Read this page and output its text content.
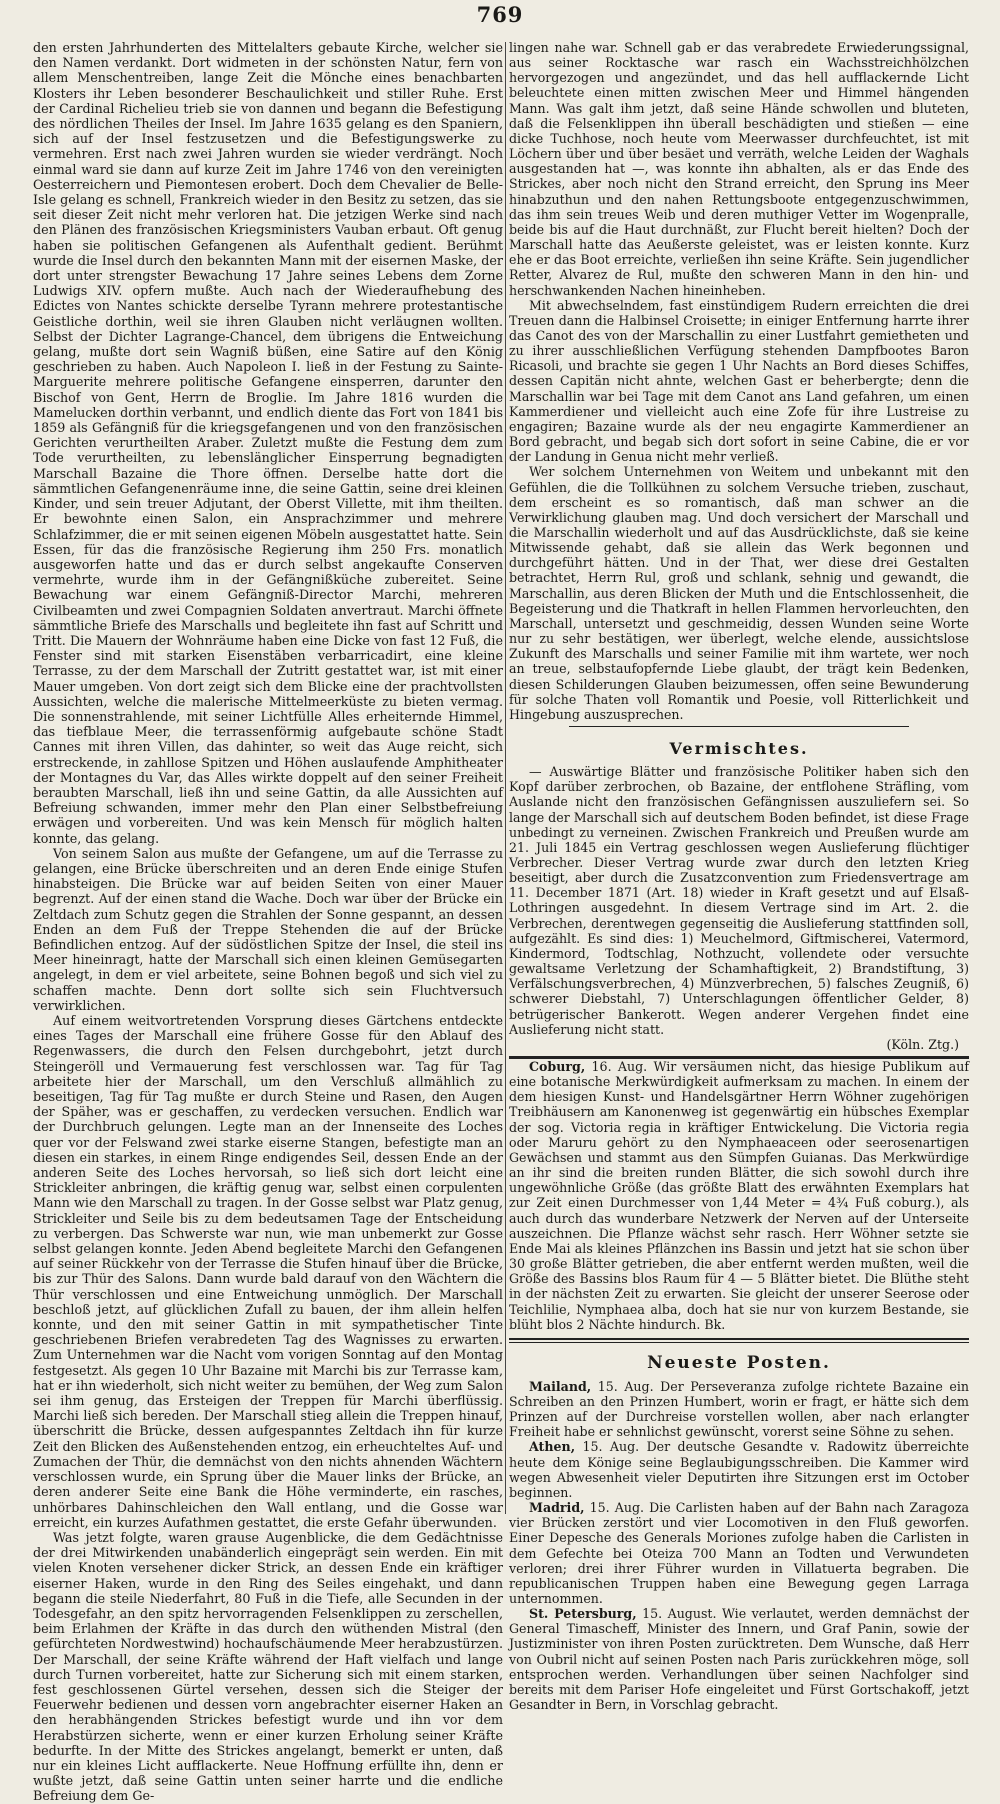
769

den ersten Jahrhunderten des Mittelalters gebaute Kirche, welcher sie den Namen verdankt. Dort widmeten in der schönsten Natur, fern von allem Menschentreiben, lange Zeit die Mönche eines benachbarten Klosters ihr Leben besonderer Beschaulichkeit und stiller Ruhe. Erst der Cardinal Richelieu trieb sie von dannen und begann die Befestigung des nördlichen Theiles der Insel. Im Jahre 1635 gelang es den Spaniern, sich auf der Insel festzusetzen und die Befestigungswerke zu vermehren. Erst nach zwei Jahren wurden sie wieder verdrängt. Noch einmal ward sie dann auf kurze Zeit im Jahre 1746 von den vereinigten Oesterreichern und Piemontesen erobert. Doch dem Chevalier de Belle-Isle gelang es schnell, Frankreich wieder in den Besitz zu setzen, das sie seit dieser Zeit nicht mehr verloren hat. Die jetzigen Werke sind nach den Plänen des französischen Kriegsministers Vauban erbaut. Oft genug haben sie politischen Gefangenen als Aufenthalt gedient. Berühmt wurde die Insel durch den bekannten Mann mit der eisernen Maske, der dort unter strengster Bewachung 17 Jahre seines Lebens dem Zorne Ludwigs XIV. opfern mußte. Auch nach der Wiederaufhebung des Edictes von Nantes schickte derselbe Tyrann mehrere protestantische Geistliche dorthin, weil sie ihren Glauben nicht verläugnen wollten. Selbst der Dichter Lagrange-Chancel, dem übrigens die Entweichung gelang, mußte dort sein Wagniß büßen, eine Satire auf den König geschrieben zu haben. Auch Napoleon I. ließ in der Festung zu Sainte-Marguerite mehrere politische Gefangene einsperren, darunter den Bischof von Gent, Herrn de Broglie. Im Jahre 1816 wurden die Mamelucken dorthin verbannt, und endlich diente das Fort von 1841 bis 1859 als Gefängniß für die kriegsgefangenen und von den französischen Gerichten verurtheilten Araber. Zuletzt mußte die Festung dem zum Tode verurtheilten, zu lebenslänglicher Einsperrung begnadigten Marschall Bazaine die Thore öffnen. Derselbe hatte dort die sämmtlichen Gefangenenräume inne, die seine Gattin, seine drei kleinen Kinder, und sein treuer Adjutant, der Oberst Villette, mit ihm theilten. Er bewohnte einen Salon, ein Ansprachzimmer und mehrere Schlafzimmer, die er mit seinen eigenen Möbeln ausgestattet hatte. Sein Essen, für das die französische Regierung ihm 250 Frs. monatlich ausgeworfen hatte und das er durch selbst angekaufte Conserven vermehrte, wurde ihm in der Gefängnißküche zubereitet. Seine Bewachung war einem Gefängniß-Director Marchi, mehreren Civilbeamten und zwei Compagnien Soldaten anvertraut. Marchi öffnete sämmtliche Briefe des Marschalls und begleitete ihn fast auf Schritt und Tritt. Die Mauern der Wohnräume haben eine Dicke von fast 12 Fuß, die Fenster sind mit starken Eisenstäben verbarricadirt, eine kleine Terrasse, zu der dem Marschall der Zutritt gestattet war, ist mit einer Mauer umgeben. Von dort zeigt sich dem Blicke eine der prachtvollsten Aussichten, welche die malerische Mittelmeerküste zu bieten vermag. Die sonnenstrahlende, mit seiner Lichtfülle Alles erheiternde Himmel, das tiefblaue Meer, die terrassenförmig aufgebaute schöne Stadt Cannes mit ihren Villen, das dahinter, so weit das Auge reicht, sich erstreckende, in zahllose Spitzen und Höhen auslaufende Amphitheater der Montagnes du Var, das Alles wirkte doppelt auf den seiner Freiheit beraubten Marschall, ließ ihn und seine Gattin, da alle Aussichten auf Befreiung schwanden, immer mehr den Plan einer Selbstbefreiung erwägen und vorbereiten. Und was kein Mensch für möglich halten konnte, das gelang.

Von seinem Salon aus mußte der Gefangene, um auf die Terrasse zu gelangen, eine Brücke überschreiten und an deren Ende einige Stufen hinabsteigen. Die Brücke war auf beiden Seiten von einer Mauer begrenzt. Auf der einen stand die Wache. Doch war über der Brücke ein Zeltdach zum Schutz gegen die Strahlen der Sonne gespannt, an dessen Enden an dem Fuß der Treppe Stehenden die auf der Brücke Befindlichen entzog. Auf der südöstlichen Spitze der Insel, die steil ins Meer hineinragt, hatte der Marschall sich einen kleinen Gemüsegarten angelegt, in dem er viel arbeitete, seine Bohnen begoß und sich viel zu schaffen machte. Denn dort sollte sich sein Fluchtversuch verwirklichen.

Auf einem weitvortretenden Vorsprung dieses Gärtchens entdeckte eines Tages der Marschall eine frühere Gosse für den Ablauf des Regenwassers, die durch den Felsen durchgebohrt, jetzt durch Steingeröll und Vermauerung fest verschlossen war. Tag für Tag arbeitete hier der Marschall, um den Verschluß allmählich zu beseitigen, Tag für Tag mußte er durch Steine und Rasen, den Augen der Späher, was er geschaffen, zu verdecken versuchen. Endlich war der Durchbruch gelungen. Legte man an der Innenseite des Loches quer vor der Felswand zwei starke eiserne Stangen, befestigte man an diesen ein starkes, in einem Ringe endigendes Seil, dessen Ende an der anderen Seite des Loches hervorsah, so ließ sich dort leicht eine Strickleiter anbringen, die kräftig genug war, selbst einen corpulenten Mann wie den Marschall zu tragen. In der Gosse selbst war Platz genug, Strickleiter und Seile bis zu dem bedeutsamen Tage der Entscheidung zu verbergen. Das Schwerste war nun, wie man unbemerkt zur Gosse selbst gelangen konnte. Jeden Abend begleitete Marchi den Gefangenen auf seiner Rückkehr von der Terrasse die Stufen hinauf über die Brücke, bis zur Thür des Salons. Dann wurde bald darauf von den Wächtern die Thür verschlossen und eine Entweichung unmöglich. Der Marschall beschloß jetzt, auf glücklichen Zufall zu bauen, der ihm allein helfen konnte, und den mit seiner Gattin in mit sympathetischer Tinte geschriebenen Briefen verabredeten Tag des Wagnisses zu erwarten. Zum Unternehmen war die Nacht vom vorigen Sonntag auf den Montag festgesetzt. Als gegen 10 Uhr Bazaine mit Marchi bis zur Terrasse kam, hat er ihn wiederholt, sich nicht weiter zu bemühen, der Weg zum Salon sei ihm genug, das Ersteigen der Treppen für Marchi überflüssig. Marchi ließ sich bereden. Der Marschall stieg allein die Treppen hinauf, überschritt die Brücke, dessen aufgespanntes Zeltdach ihn für kurze Zeit den Blicken des Außenstehenden entzog, ein erheuchteltes Auf- und Zumachen der Thür, die demnächst von den nichts ahnenden Wächtern verschlossen wurde, ein Sprung über die Mauer links der Brücke, an deren anderer Seite eine Bank die Höhe verminderte, ein rasches, unhörbares Dahinschleichen den Wall entlang, und die Gosse war erreicht, ein kurzes Aufathmen gestattet, die erste Gefahr überwunden.

Was jetzt folgte, waren grause Augenblicke, die dem Gedächtnisse der drei Mitwirkenden unabänderlich eingeprägt sein werden. Ein mit vielen Knoten versehener dicker Strick, an dessen Ende ein kräftiger eiserner Haken, wurde in den Ring des Seiles eingehakt, und dann begann die steile Niederfahrt, 80 Fuß in die Tiefe, alle Secunden in der Todesgefahr, an den spitz hervorragenden Felsenklippen zu zerschellen, beim Erlahmen der Kräfte in das durch den wüthenden Mistral (den gefürchteten Nordwestwind) hochaufschäumende Meer herabzustürzen. Der Marschall, der seine Kräfte während der Haft vielfach und lange durch Turnen vorbereitet, hatte zur Sicherung sich mit einem starken, fest geschlossenen Gürtel versehen, dessen sich die Steiger der Feuerwehr bedienen und dessen vorn angebrachter eiserner Haken an den herabhängenden Strickes befestigt wurde und ihn vor dem Herabstürzen sicherte, wenn er einer kurzen Erholung seiner Kräfte bedurfte. In der Mitte des Strickes angelangt, bemerkt er unten, daß nur ein kleines Licht aufflackerte. Neue Hoffnung erfüllte ihn, denn er wußte jetzt, daß seine Gattin unten seiner harrte und die endliche Befreiung dem Ge-

lingen nahe war. Schnell gab er das verabredete Erwiederungssignal, aus seiner Rocktasche war rasch ein Wachsstreichhölzchen hervorgezogen und angezündet, und das hell aufflackernde Licht beleuchtete einen mitten zwischen Meer und Himmel hängenden Mann. Was galt ihm jetzt, daß seine Hände schwollen und bluteten, daß die Felsenklippen ihn überall beschädigten und stießen — eine dicke Tuchhose, noch heute vom Meerwasser durchfeuchtet, ist mit Löchern über und über besäet und verräth, welche Leiden der Waghals ausgestanden hat —, was konnte ihn abhalten, als er das Ende des Strickes, aber noch nicht den Strand erreicht, den Sprung ins Meer hinabzuthun und den nahen Rettungsboote entgegenzuschwimmen, das ihm sein treues Weib und deren muthiger Vetter im Wogenpralle, beide bis auf die Haut durchnäßt, zur Flucht bereit hielten? Doch der Marschall hatte das Aeußerste geleistet, was er leisten konnte. Kurz ehe er das Boot erreichte, verließen ihn seine Kräfte. Sein jugendlicher Retter, Alvarez de Rul, mußte den schweren Mann in den hin- und herschwankenden Nachen hineinheben.

Mit abwechselndem, fast einstündigem Rudern erreichten die drei Treuen dann die Halbinsel Croisette; in einiger Entfernung harrte ihrer das Canot des von der Marschallin zu einer Lustfahrt gemietheten und zu ihrer ausschließlichen Verfügung stehenden Dampfbootes Baron Ricasoli, und brachte sie gegen 1 Uhr Nachts an Bord dieses Schiffes, dessen Capitän nicht ahnte, welchen Gast er beherbergte; denn die Marschallin war bei Tage mit dem Canot ans Land gefahren, um einen Kammerdiener und vielleicht auch eine Zofe für ihre Lustreise zu engagiren; Bazaine wurde als der neu engagirte Kammerdiener an Bord gebracht, und begab sich dort sofort in seine Cabine, die er vor der Landung in Genua nicht mehr verließ.

Wer solchem Unternehmen von Weitem und unbekannt mit den Gefühlen, die die Tollkühnen zu solchem Versuche trieben, zuschaut, dem erscheint es so romantisch, daß man schwer an die Verwirklichung glauben mag. Und doch versichert der Marschall und die Marschallin wiederholt und auf das Ausdrücklichste, daß sie keine Mitwissende gehabt, daß sie allein das Werk begonnen und durchgeführt hätten. Und in der That, wer diese drei Gestalten betrachtet, Herrn Rul, groß und schlank, sehnig und gewandt, die Marschallin, aus deren Blicken der Muth und die Entschlossenheit, die Begeisterung und die Thatkraft in hellen Flammen hervorleuchten, den Marschall, untersetzt und geschmeidig, dessen Wunden seine Worte nur zu sehr bestätigen, wer überlegt, welche elende, aussichtslose Zukunft des Marschalls und seiner Familie mit ihm wartete, wer noch an treue, selbstaufopfernde Liebe glaubt, der trägt kein Bedenken, diesen Schilderungen Glauben beizumessen, offen seine Bewunderung für solche Thaten voll Romantik und Poesie, voll Ritterlichkeit und Hingebung auszusprechen.

Vermischtes.

— Auswärtige Blätter und französische Politiker haben sich den Kopf darüber zerbrochen, ob Bazaine, der entflohene Sträfling, vom Auslande nicht den französischen Gefängnissen auszuliefern sei. So lange der Marschall sich auf deutschem Boden befindet, ist diese Frage unbedingt zu verneinen. Zwischen Frankreich und Preußen wurde am 21. Juli 1845 ein Vertrag geschlossen wegen Auslieferung flüchtiger Verbrecher. Dieser Vertrag wurde zwar durch den letzten Krieg beseitigt, aber durch die Zusatzconvention zum Friedensvertrage am 11. December 1871 (Art. 18) wieder in Kraft gesetzt und auf Elsaß-Lothringen ausgedehnt. In diesem Vertrage sind im Art. 2. die Verbrechen, derentwegen gegenseitig die Auslieferung stattfinden soll, aufgezählt. Es sind dies: 1) Meuchelmord, Giftmischerei, Vatermord, Kindermord, Todtschlag, Nothzucht, vollendete oder versuchte gewaltsame Verletzung der Schamhaftigkeit, 2) Brandstiftung, 3) Verfälschungsverbrechen, 4) Münzverbrechen, 5) falsches Zeugniß, 6) schwerer Diebstahl, 7) Unterschlagungen öffentlicher Gelder, 8) betrügerischer Bankerott. Wegen anderer Vergehen findet eine Auslieferung nicht statt.

(Köln. Ztg.)

Coburg, 16. Aug. Wir versäumen nicht, das hiesige Publikum auf eine botanische Merkwürdigkeit aufmerksam zu machen. In einem der dem hiesigen Kunst- und Handelsgärtner Herrn Wöhner zugehörigen Treibhäusern am Kanonenweg ist gegenwärtig ein hübsches Exemplar der sog. Victoria regia in kräftiger Entwickelung. Die Victoria regia oder Maruru gehört zu den Nymphaeaceen oder seerosenartigen Gewächsen und stammt aus den Sümpfen Guianas. Das Merkwürdige an ihr sind die breiten runden Blätter, die sich sowohl durch ihre ungewöhnliche Größe (das größte Blatt des erwähnten Exemplars hat zur Zeit einen Durchmesser von 1,44 Meter = 4¾ Fuß coburg.), als auch durch das wunderbare Netzwerk der Nerven auf der Unterseite auszeichnen. Die Pflanze wächst sehr rasch. Herr Wöhner setzte sie Ende Mai als kleines Pflänzchen ins Bassin und jetzt hat sie schon über 30 große Blätter getrieben, die aber entfernt werden mußten, weil die Größe des Bassins blos Raum für 4 — 5 Blätter bietet. Die Blüthe steht in der nächsten Zeit zu erwarten. Sie gleicht der unserer Seerose oder Teichlilie, Nymphaea alba, doch hat sie nur von kurzem Bestande, sie blüht blos 2 Nächte hindurch. Bk.

Neueste Posten.

Mailand, 15. Aug. Der Perseveranza zufolge richtete Bazaine ein Schreiben an den Prinzen Humbert, worin er fragt, er hätte sich dem Prinzen auf der Durchreise vorstellen wollen, aber nach erlangter Freiheit habe er sehnlichst gewünscht, vorerst seine Söhne zu sehen.

Athen, 15. Aug. Der deutsche Gesandte v. Radowitz überreichte heute dem Könige seine Beglaubigungsschreiben. Die Kammer wird wegen Abwesenheit vieler Deputirten ihre Sitzungen erst im October beginnen.

Madrid, 15. Aug. Die Carlisten haben auf der Bahn nach Zaragoza vier Brücken zerstört und vier Locomotiven in den Fluß geworfen. Einer Depesche des Generals Moriones zufolge haben die Carlisten in dem Gefechte bei Oteiza 700 Mann an Todten und Verwundeten verloren; drei ihrer Führer wurden in Villatuerta begraben. Die republicanischen Truppen haben eine Bewegung gegen Larraga unternommen.

St. Petersburg, 15. August. Wie verlautet, werden demnächst der General Timascheff, Minister des Innern, und Graf Panin, sowie der Justizminister von ihren Posten zurücktreten. Dem Wunsche, daß Herr von Oubril nicht auf seinen Posten nach Paris zurückkehren möge, soll entsprochen werden. Verhandlungen über seinen Nachfolger sind bereits mit dem Pariser Hofe eingeleitet und Fürst Gortschakoff, jetzt Gesandter in Bern, in Vorschlag gebracht.
